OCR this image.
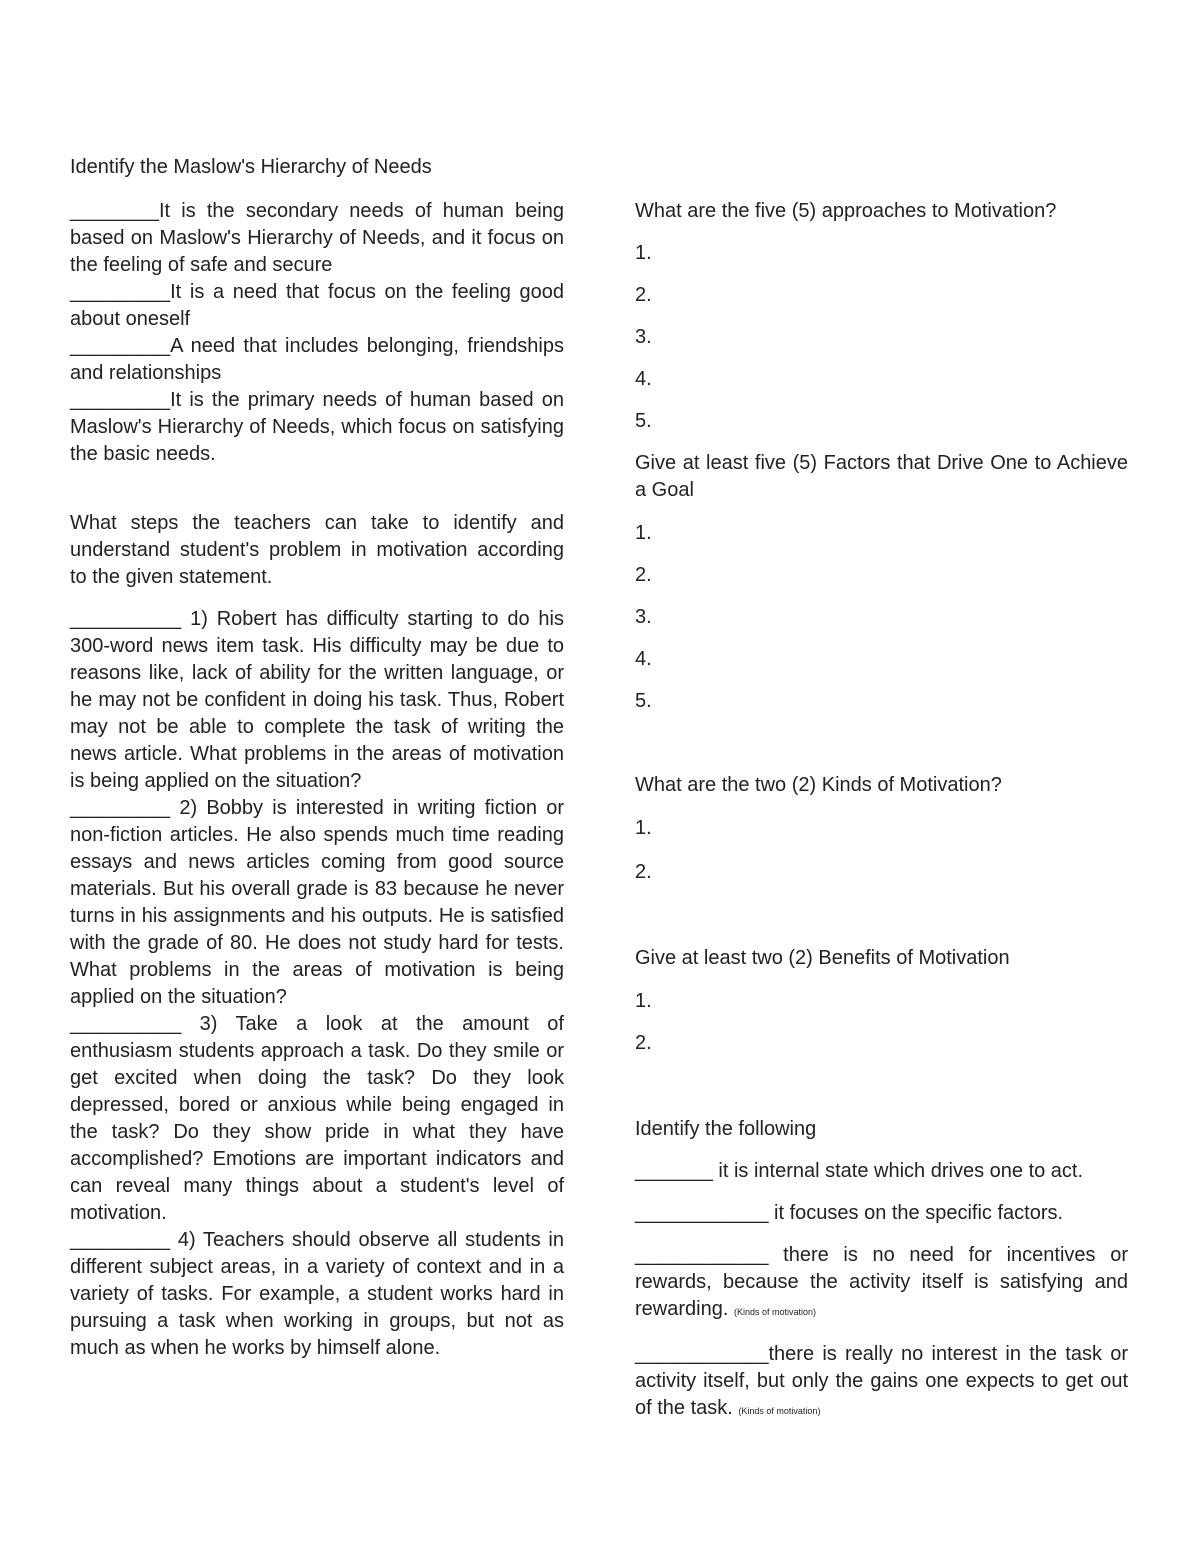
Identify the Maslow's Hierarchy of Needs

________It is the secondary needs of human being based on Maslow's Hierarchy of Needs, and it focus on the feeling of safe and secure

_________It is a need that focus on the feeling good about oneself

_________A need that includes belonging, friendships and relationships

_________It is the primary needs of human based on Maslow's Hierarchy of Needs, which focus on satisfying the basic needs.

What steps the teachers can take to identify and understand student's problem in motivation according to the given statement.

__________ 1) Robert has difficulty starting to do his 300-word news item task. His difficulty may be due to reasons like, lack of ability for the written language, or he may not be confident in doing his task. Thus, Robert may not be able to complete the task of writing the news article. What problems in the areas of motivation is being applied on the situation?

_________ 2) Bobby is interested in writing fiction or non-fiction articles. He also spends much time reading essays and news articles coming from good source materials. But his overall grade is 83 because he never turns in his assignments and his outputs. He is satisfied with the grade of 80. He does not study hard for tests. What problems in the areas of motivation is being applied on the situation?

__________ 3) Take a look at the amount of enthusiasm students approach a task. Do they smile or get excited when doing the task? Do they look depressed, bored or anxious while being engaged in the task? Do they show pride in what they have accomplished? Emotions are important indicators and can reveal many things about a student's level of motivation.

_________ 4) Teachers should observe all students in different subject areas, in a variety of context and in a variety of tasks. For example, a student works hard in pursuing a task when working in groups, but not as much as when he works by himself alone.

What are the five (5) approaches to Motivation?

1.

2.

3.

4.

5.

Give at least five (5) Factors that Drive One to Achieve a Goal

1.

2.

3.

4.

5.

What are the two (2) Kinds of Motivation?

1.

2.

Give at least two (2) Benefits of Motivation

1.

2.

Identify the following

_______ it is internal state which drives one to act.

____________ it focuses on the specific factors.

____________ there is no need for incentives or rewards, because the activity itself is satisfying and rewarding. (Kinds of motivation)

____________there is really no interest in the task or activity itself, but only the gains one expects to get out of the task. (Kinds of motivation)
